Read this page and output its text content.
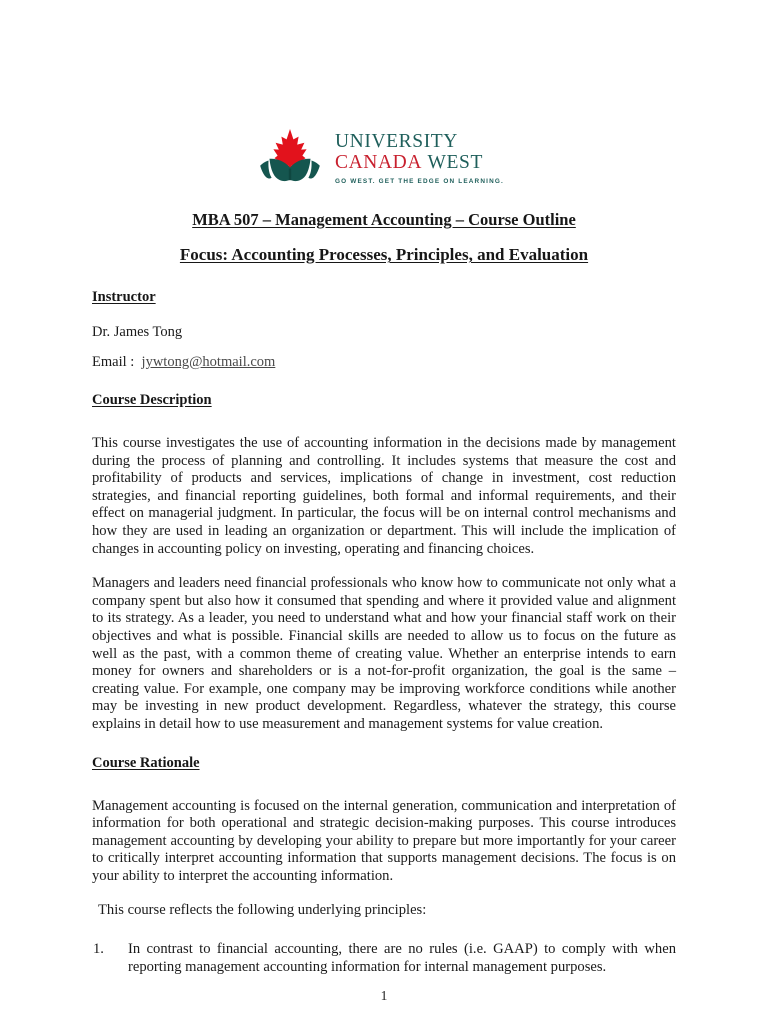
UNIVERSITY
CANADA WEST
GO WEST. GET THE EDGE ON LEARNING.
MBA 507 – Management Accounting – Course Outline
Focus: Accounting Processes, Principles, and Evaluation
Instructor
Dr. James Tong
Email : jywtong@hotmail.com
Course Description

This course investigates the use of accounting information in the decisions made by management during the process of planning and controlling. It includes systems that measure the cost and profitability of products and services, implications of change in investment, cost reduction strategies, and financial reporting guidelines, both formal and informal requirements, and their effect on managerial judgment. In particular, the focus will be on internal control mechanisms and how they are used in leading an organization or department. This will include the implication of changes in accounting policy on investing, operating and financing choices.

Managers and leaders need financial professionals who know how to communicate not only what a company spent but also how it consumed that spending and where it provided value and alignment to its strategy. As a leader, you need to understand what and how your financial staff work on their objectives and what is possible. Financial skills are needed to allow us to focus on the future as well as the past, with a common theme of creating value. Whether an enterprise intends to earn money for owners and shareholders or is a not-for-profit organization, the goal is the same – creating value. For example, one company may be improving workforce conditions while another may be investing in new product development. Regardless, whatever the strategy, this course explains in detail how to use measurement and management systems for value creation.

Course Rationale

Management accounting is focused on the internal generation, communication and interpretation of information for both operational and strategic decision-making purposes. This course introduces management accounting by developing your ability to prepare but more importantly for your career to critically interpret accounting information that supports management decisions. The focus is on your ability to interpret the accounting information.

This course reflects the following underlying principles:

1.	In contrast to financial accounting, there are no rules (i.e. GAAP) to comply with when reporting management accounting information for internal management purposes.
1
